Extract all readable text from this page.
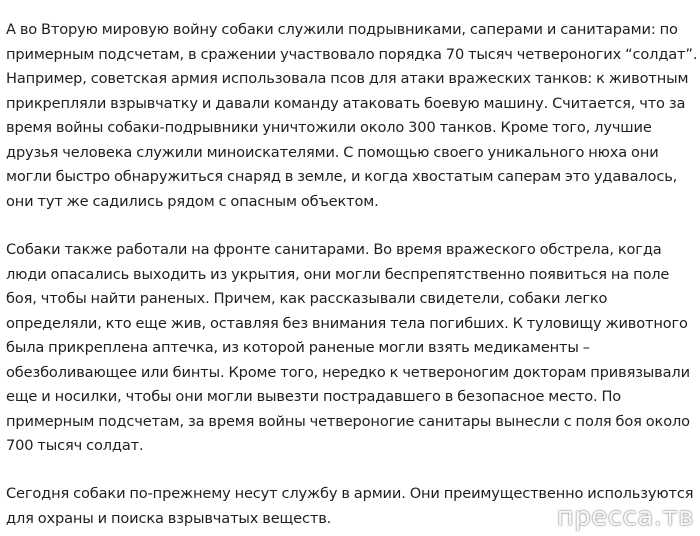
А во Вторую мировую войну собаки служили подрывниками, саперами и санитарами: по
примерным подсчетам, в сражении участвовало порядка 70 тысяч четвероногих “солдат”.
Например, советская армия использовала псов для атаки вражеских танков: к животным
прикрепляли взрывчатку и давали команду атаковать боевую машину. Считается, что за
время войны собаки-подрывники уничтожили около 300 танков. Кроме того, лучшие
друзья человека служили миноискателями. С помощью своего уникального нюха они
могли быстро обнаружиться снаряд в земле, и когда хвостатым саперам это удавалось,
они тут же садились рядом с опасным объектом.

Собаки также работали на фронте санитарами. Во время вражеского обстрела, когда
люди опасались выходить из укрытия, они могли беспрепятственно появиться на поле
боя, чтобы найти раненых. Причем, как рассказывали свидетели, собаки легко
определяли, кто еще жив, оставляя без внимания тела погибших. К туловищу животного
была прикреплена аптечка, из которой раненые могли взять медикаменты –
обезболивающее или бинты. Кроме того, нередко к четвероногим докторам привязывали
еще и носилки, чтобы они могли вывезти пострадавшего в безопасное место. По
примерным подсчетам, за время войны четвероногие санитары вынесли с поля боя около
700 тысяч солдат.

Сегодня собаки по-прежнему несут службу в армии. Они преимущественно используются
для охраны и поиска взрывчатых веществ.	пресса.тв
